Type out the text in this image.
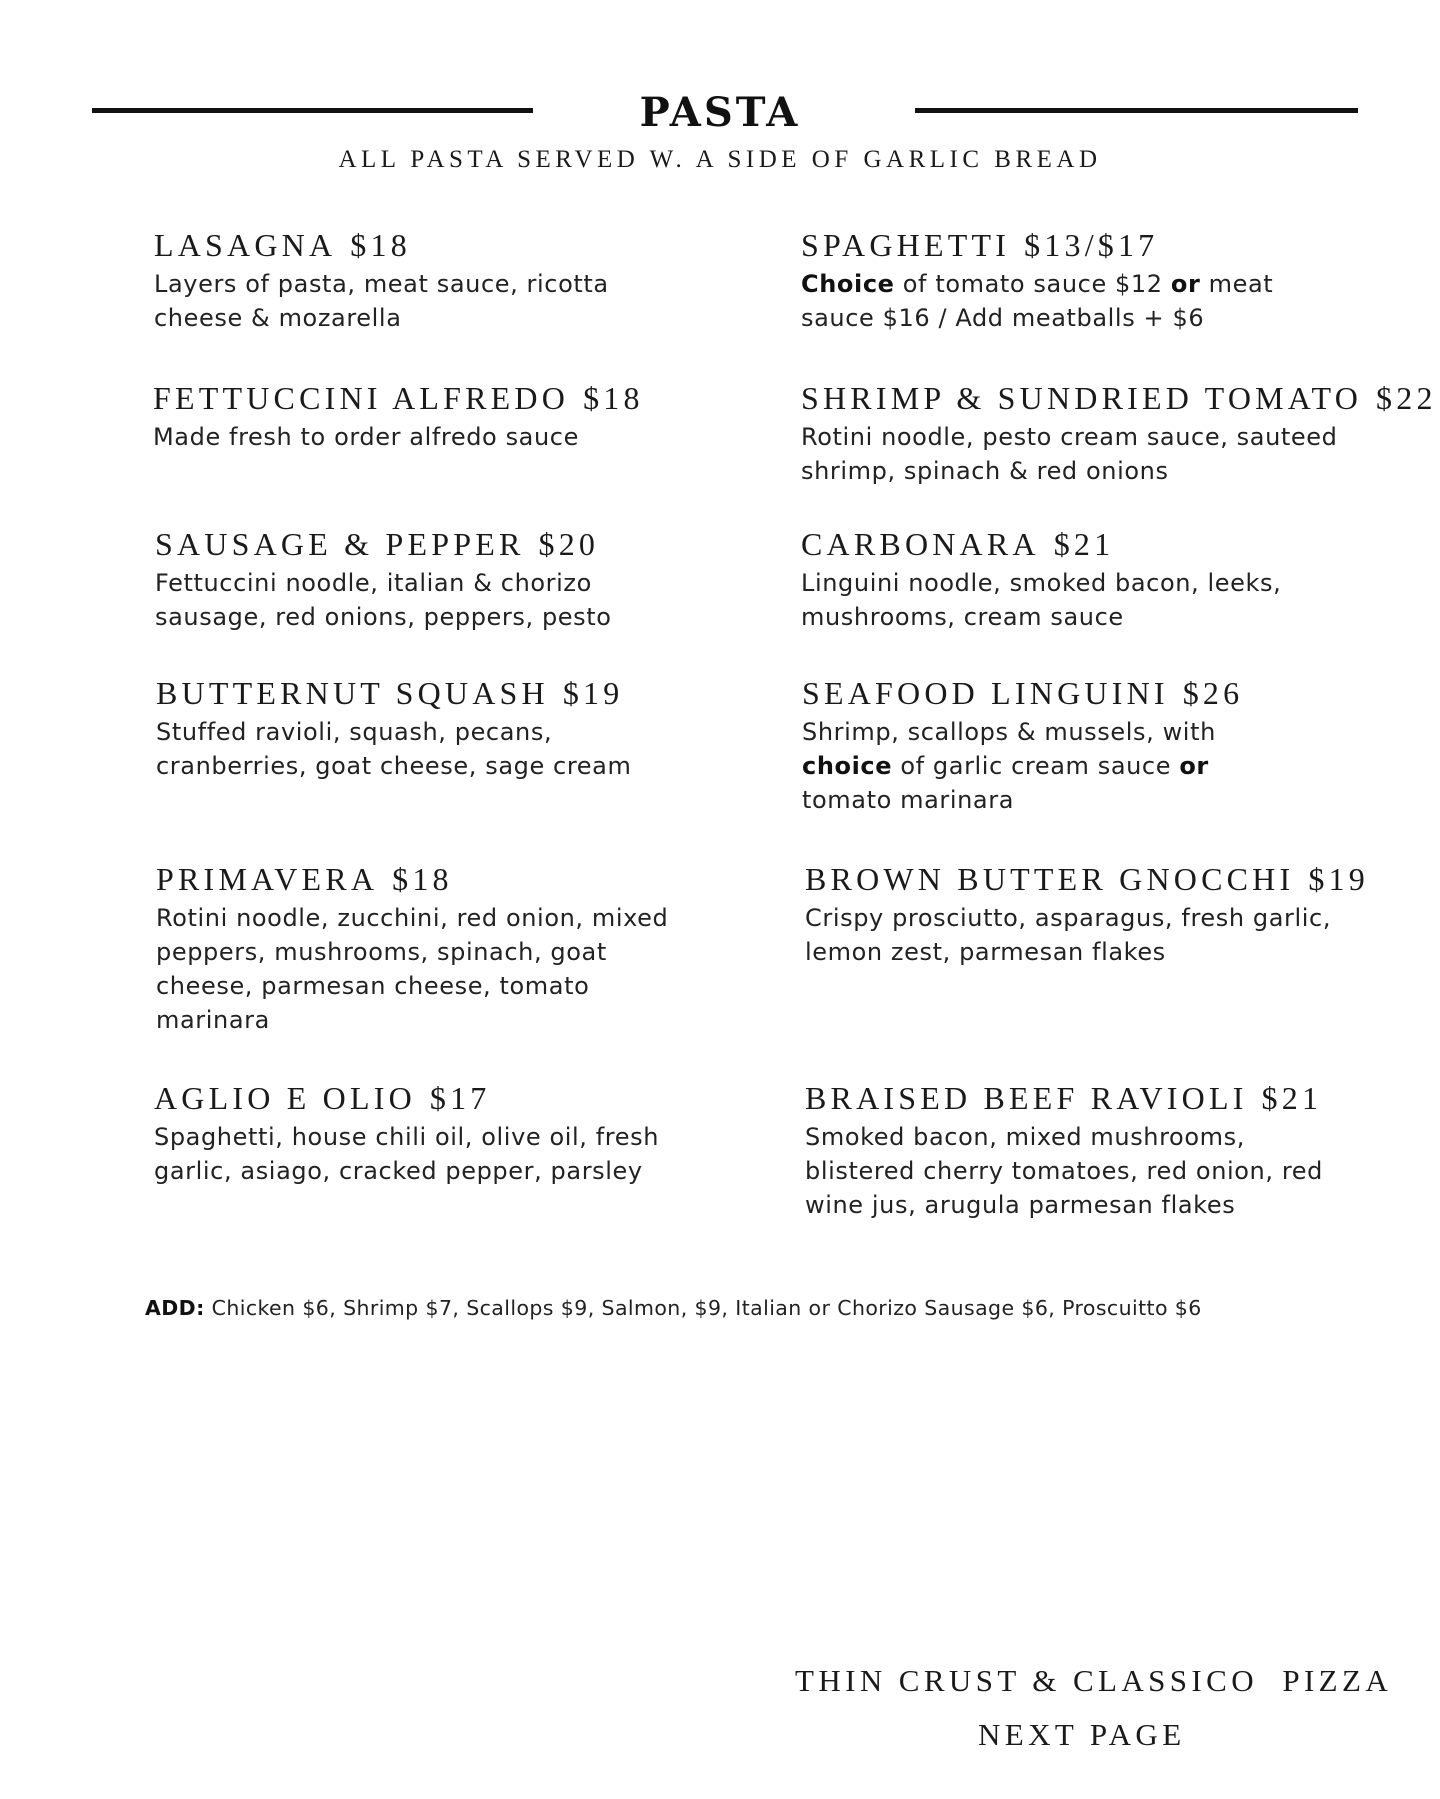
PASTA
ALL PASTA SERVED W. A SIDE OF GARLIC BREAD
LASAGNA $18
Layers of pasta, meat sauce, ricotta cheese & mozarella
FETTUCCINI ALFREDO $18
Made fresh to order alfredo sauce
SAUSAGE & PEPPER $20
Fettuccini noodle, italian & chorizo sausage, red onions, peppers, pesto
BUTTERNUT SQUASH $19
Stuffed ravioli, squash, pecans, cranberries, goat cheese, sage cream
PRIMAVERA $18
Rotini noodle, zucchini, red onion, mixed peppers, mushrooms, spinach, goat cheese, parmesan cheese, tomato marinara
AGLIO E OLIO $17
Spaghetti, house chili oil, olive oil, fresh garlic, asiago, cracked pepper, parsley
SPAGHETTI $13/$17
Choice of tomato sauce $12 or meat sauce $16 / Add meatballs + $6
SHRIMP & SUNDRIED TOMATO $22
Rotini noodle, pesto cream sauce, sauteed shrimp, spinach & red onions
CARBONARA $21
Linguini noodle, smoked bacon, leeks, mushrooms, cream sauce
SEAFOOD LINGUINI $26
Shrimp, scallops & mussels, with choice of garlic cream sauce or tomato marinara
BROWN BUTTER GNOCCHI $19
Crispy prosciutto, asparagus, fresh garlic, lemon zest, parmesan flakes
BRAISED BEEF RAVIOLI $21
Smoked bacon, mixed mushrooms, blistered cherry tomatoes, red onion, red wine jus, arugula parmesan flakes
ADD: Chicken $6, Shrimp $7, Scallops $9, Salmon, $9, Italian or Chorizo Sausage $6, Proscuitto $6
THIN CRUST & CLASSICO  PIZZA
NEXT PAGE
